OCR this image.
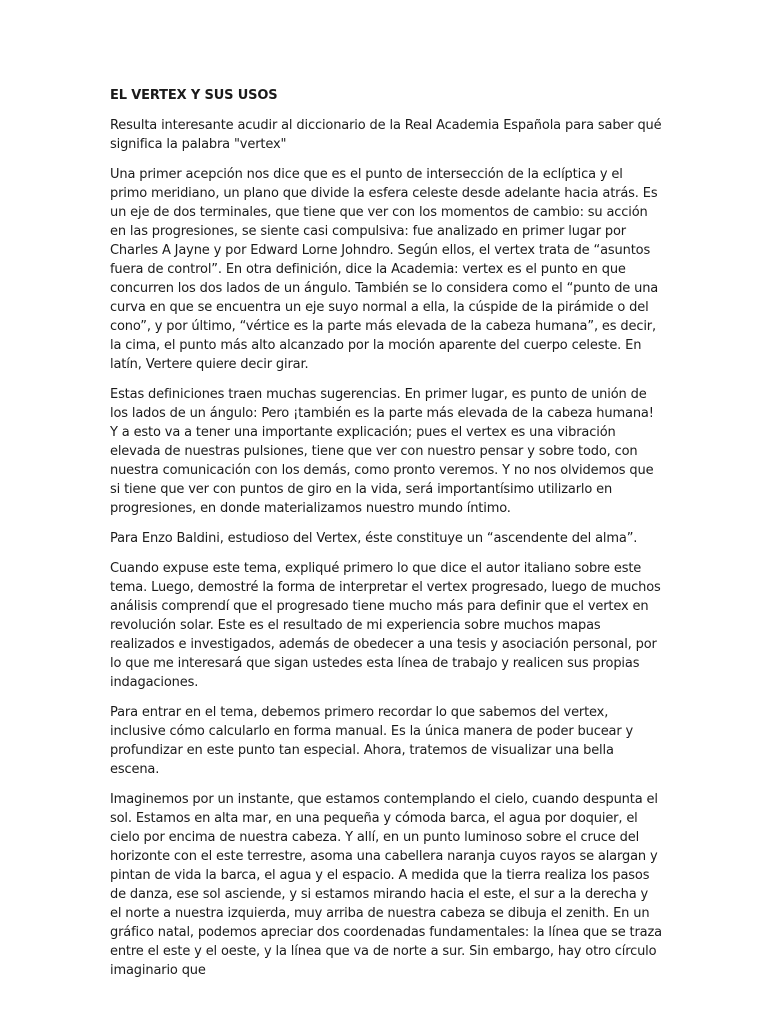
EL VERTEX Y SUS USOS

Resulta interesante acudir al diccionario de la Real Academia Española para saber qué significa la palabra "vertex"

Una primer acepción nos dice que es el punto de intersección de la eclíptica y el primo meridiano, un plano que divide la esfera celeste desde adelante hacia atrás. Es un eje de dos terminales, que tiene que ver con los momentos de cambio: su acción en las progresiones, se siente casi compulsiva: fue analizado en primer lugar por Charles A Jayne y por Edward Lorne Johndro. Según ellos, el vertex trata de “asuntos fuera de control”. En otra definición, dice la Academia: vertex es el punto en que concurren los dos lados de un ángulo. También se lo considera como el “punto de una curva en que se encuentra un eje suyo normal a ella, la cúspide de la pirámide o del cono”, y por último, “vértice es la parte más elevada de la cabeza humana”, es decir, la cima, el punto más alto alcanzado por la moción aparente del cuerpo celeste. En latín, Vertere quiere decir girar.

Estas definiciones traen muchas sugerencias. En primer lugar, es punto de unión de los lados de un ángulo: Pero ¡también es la parte más elevada de la cabeza humana! Y a esto va a tener una importante explicación; pues el vertex es una vibración elevada de nuestras pulsiones, tiene que ver con nuestro pensar y sobre todo, con nuestra comunicación con los demás, como pronto veremos. Y no nos olvidemos que si tiene que ver con puntos de giro en la vida, será importantísimo utilizarlo en progresiones, en donde materializamos nuestro mundo íntimo.

Para Enzo Baldini, estudioso del Vertex, éste constituye un “ascendente del alma”.

Cuando expuse este tema, expliqué primero lo que dice el autor italiano sobre este tema. Luego, demostré la forma de interpretar el vertex progresado, luego de muchos análisis comprendí que el progresado tiene mucho más para definir que el vertex en revolución solar. Este es el resultado de mi experiencia sobre muchos mapas realizados e investigados, además de obedecer a una tesis y asociación personal, por lo que me interesará que sigan ustedes esta línea de trabajo y realicen sus propias indagaciones.

Para entrar en el tema, debemos primero recordar lo que sabemos del vertex, inclusive cómo calcularlo en forma manual. Es la única manera de poder bucear y profundizar en este punto tan especial. Ahora, tratemos de visualizar una bella escena.

Imaginemos por un instante, que estamos contemplando el cielo, cuando despunta el sol. Estamos en alta mar, en una pequeña y cómoda barca, el agua por doquier, el cielo por encima de nuestra cabeza. Y allí, en un punto luminoso sobre el cruce del horizonte con el este terrestre, asoma una cabellera naranja cuyos rayos se alargan y pintan de vida la barca, el agua y el espacio. A medida que la tierra realiza los pasos de danza, ese sol asciende, y si estamos mirando hacia el este, el sur a la derecha y el norte a nuestra izquierda, muy arriba de nuestra cabeza se dibuja el zenith. En un gráfico natal, podemos apreciar dos coordenadas fundamentales: la línea que se traza entre el este y el oeste, y la línea que va de norte a sur. Sin embargo, hay otro círculo imaginario que
